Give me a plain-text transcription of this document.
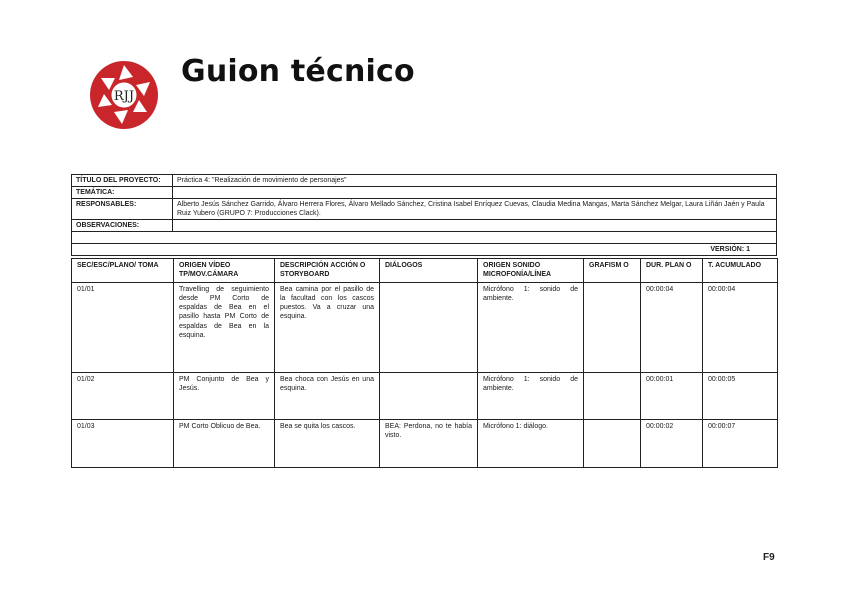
RJJ
Guion técnico
TÍTULO DEL PROYECTO:	Práctica 4: "Realización de movimiento de personajes"
TEMÁTICA:	
RESPONSABLES:	Alberto Jesús Sánchez Garrido, Álvaro Herrera Flores, Álvaro Mellado Sánchez, Cristina Isabel Enríquez Cuevas, Claudia Medina Mangas, Marta Sánchez Melgar, Laura Liñán Jaén y Paula Ruiz Yubero (GRUPO 7: Producciones Clack).
OBSERVACIONES:	

VERSIÓN: 1	
SEC/ESC/PLANO/ TOMA	ORIGEN VÍDEO TP/MOV.CÁMARA	DESCRIPCIÓN ACCIÓN O STORYBOARD	DIÁLOGOS	ORIGEN SONIDO MICROFONÍA/LÍNEA	GRAFISM O	DUR. PLAN O	T. ACUMULADO
01/01	Travelling de seguimiento desde PM Corto de espaldas de Bea en el pasillo hasta PM Corto de espaldas de Bea en la esquina.	Bea camina por el pasillo de la facultad con los cascos puestos. Va a cruzar una esquina.		Micrófono 1: sonido de ambiente.		00:00:04	00:00:04
01/02	PM Conjunto de Bea y Jesús.	Bea choca con Jesús en una esquina.		Micrófono 1: sonido de ambiente.		00:00:01	00:00:05
01/03	PM Corto Oblicuo de Bea.	Bea se quita los cascos.	BEA: Perdona, no te había visto.	Micrófono 1: diálogo.		00:00:02	00:00:07
F9
